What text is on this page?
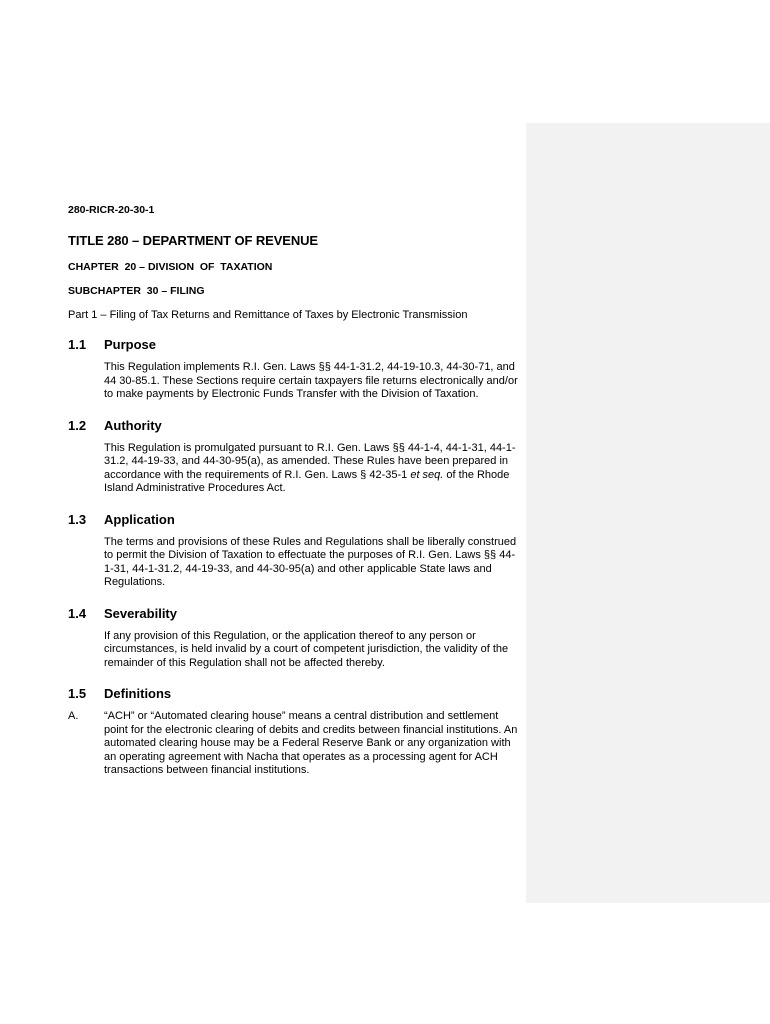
Formatted

280-RICR-20-30-1

TITLE 280 – DEPARTMENT OF REVENUE

CHAPTER  20 – DIVISION  OF  TAXATION

SUBCHAPTER  30 – FILING

Part 1 – Filing of Tax Returns and Remittance of Taxes by Electronic Transmission

1.1	Purpose
This Regulation implements R.I. Gen. Laws §§ 44-1-31.2, 44-19-10.3, 44-30-71, and 44 30-85.1. These Sections require certain taxpayers file returns electronically and/or to make payments by Electronic Funds Transfer with the Division of Taxation.
1.2	Authority
This Regulation is promulgated pursuant to R.I. Gen. Laws §§ 44-1-4, 44-1-31, 44-1-31.2, 44-19-33, and 44-30-95(a), as amended. These Rules have been prepared in accordance with the requirements of R.I. Gen. Laws § 42-35-1 et seq. of the Rhode Island Administrative Procedures Act.
1.3	Application
The terms and provisions of these Rules and Regulations shall be liberally construed to permit the Division of Taxation to effectuate the purposes of R.I. Gen. Laws §§ 44-1-31, 44-1-31.2, 44-19-33, and 44-30-95(a) and other applicable State laws and Regulations.
1.4	Severability
If any provision of this Regulation, or the application thereof to any person or circumstances, is held invalid by a court of competent jurisdiction, the validity of the remainder of this Regulation shall not be affected thereby.
1.5	Definitions
A.	“ACH” or “Automated clearing house” means a central distribution and settlement point for the electronic clearing of debits and credits between financial institutions. An automated clearing house may be a Federal Reserve Bank or any organization with an operating agreement with Nacha that operates as a processing agent for ACH transactions between financial institutions.
